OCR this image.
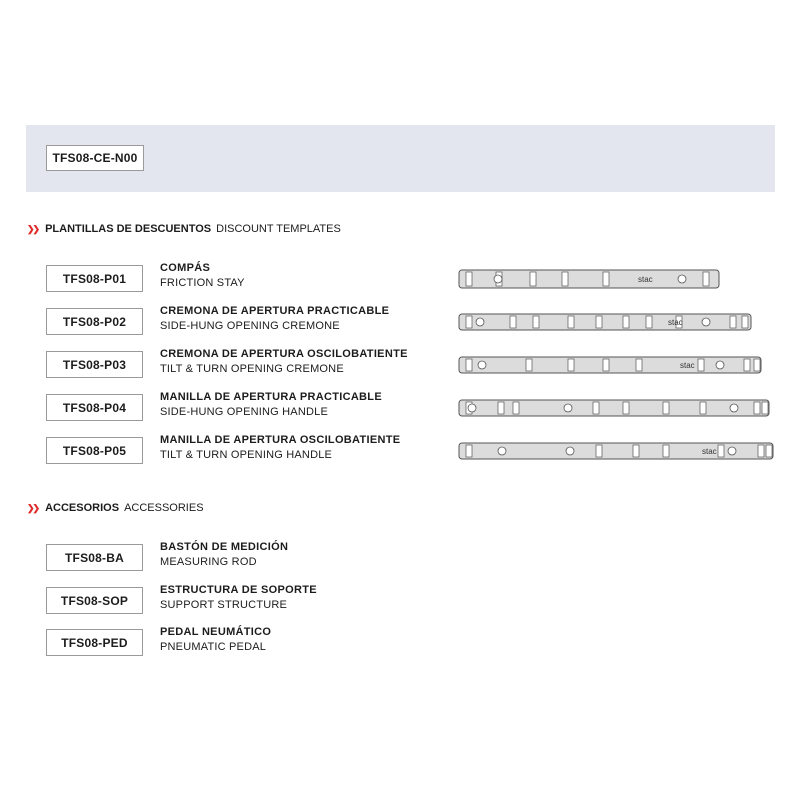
TFS08-CE-N00
❯❯ PLANTILLAS DE DESCUENTOS DISCOUNT TEMPLATES
TFS08-P01
COMPÁS
FRICTION STAY	stac
TFS08-P02
CREMONA DE APERTURA PRACTICABLE
SIDE-HUNG OPENING CREMONE	stac
TFS08-P03
CREMONA DE APERTURA OSCILOBATIENTE
TILT & TURN OPENING CREMONE	stac
TFS08-P04
MANILLA DE APERTURA PRACTICABLE
SIDE-HUNG OPENING HANDLE
TFS08-P05
MANILLA DE APERTURA OSCILOBATIENTE
TILT & TURN OPENING HANDLE	stac
❯❯ ACCESORIOS ACCESSORIES
TFS08-BA
BASTÓN DE MEDICIÓN
MEASURING ROD
TFS08-SOP
ESTRUCTURA DE SOPORTE
SUPPORT STRUCTURE
TFS08-PED
PEDAL NEUMÁTICO
PNEUMATIC PEDAL
